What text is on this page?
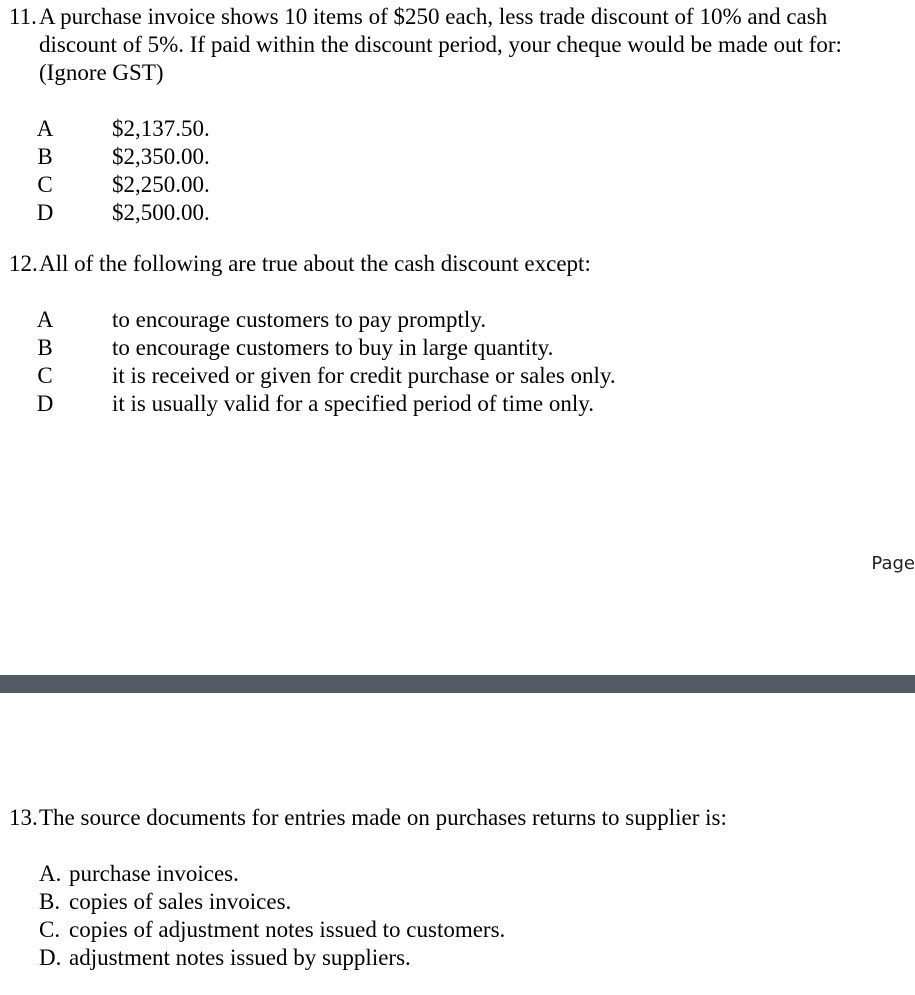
11. A purchase invoice shows 10 items of $250 each, less trade discount of 10% and cash discount of 5%. If paid within the discount period, your cheque would be made out for: (Ignore GST)
A	$2,137.50.
B	$2,350.00.
C	$2,250.00.
D	$2,500.00.
12. All of the following are true about the cash discount except:
A	to encourage customers to pay promptly.
B	to encourage customers to buy in large quantity.
C	it is received or given for credit purchase or sales only.
D	it is usually valid for a specified period of time only.
Page
13. The source documents for entries made on purchases returns to supplier is:
A. purchase invoices.
B. copies of sales invoices.
C. copies of adjustment notes issued to customers.
D. adjustment notes issued by suppliers.
